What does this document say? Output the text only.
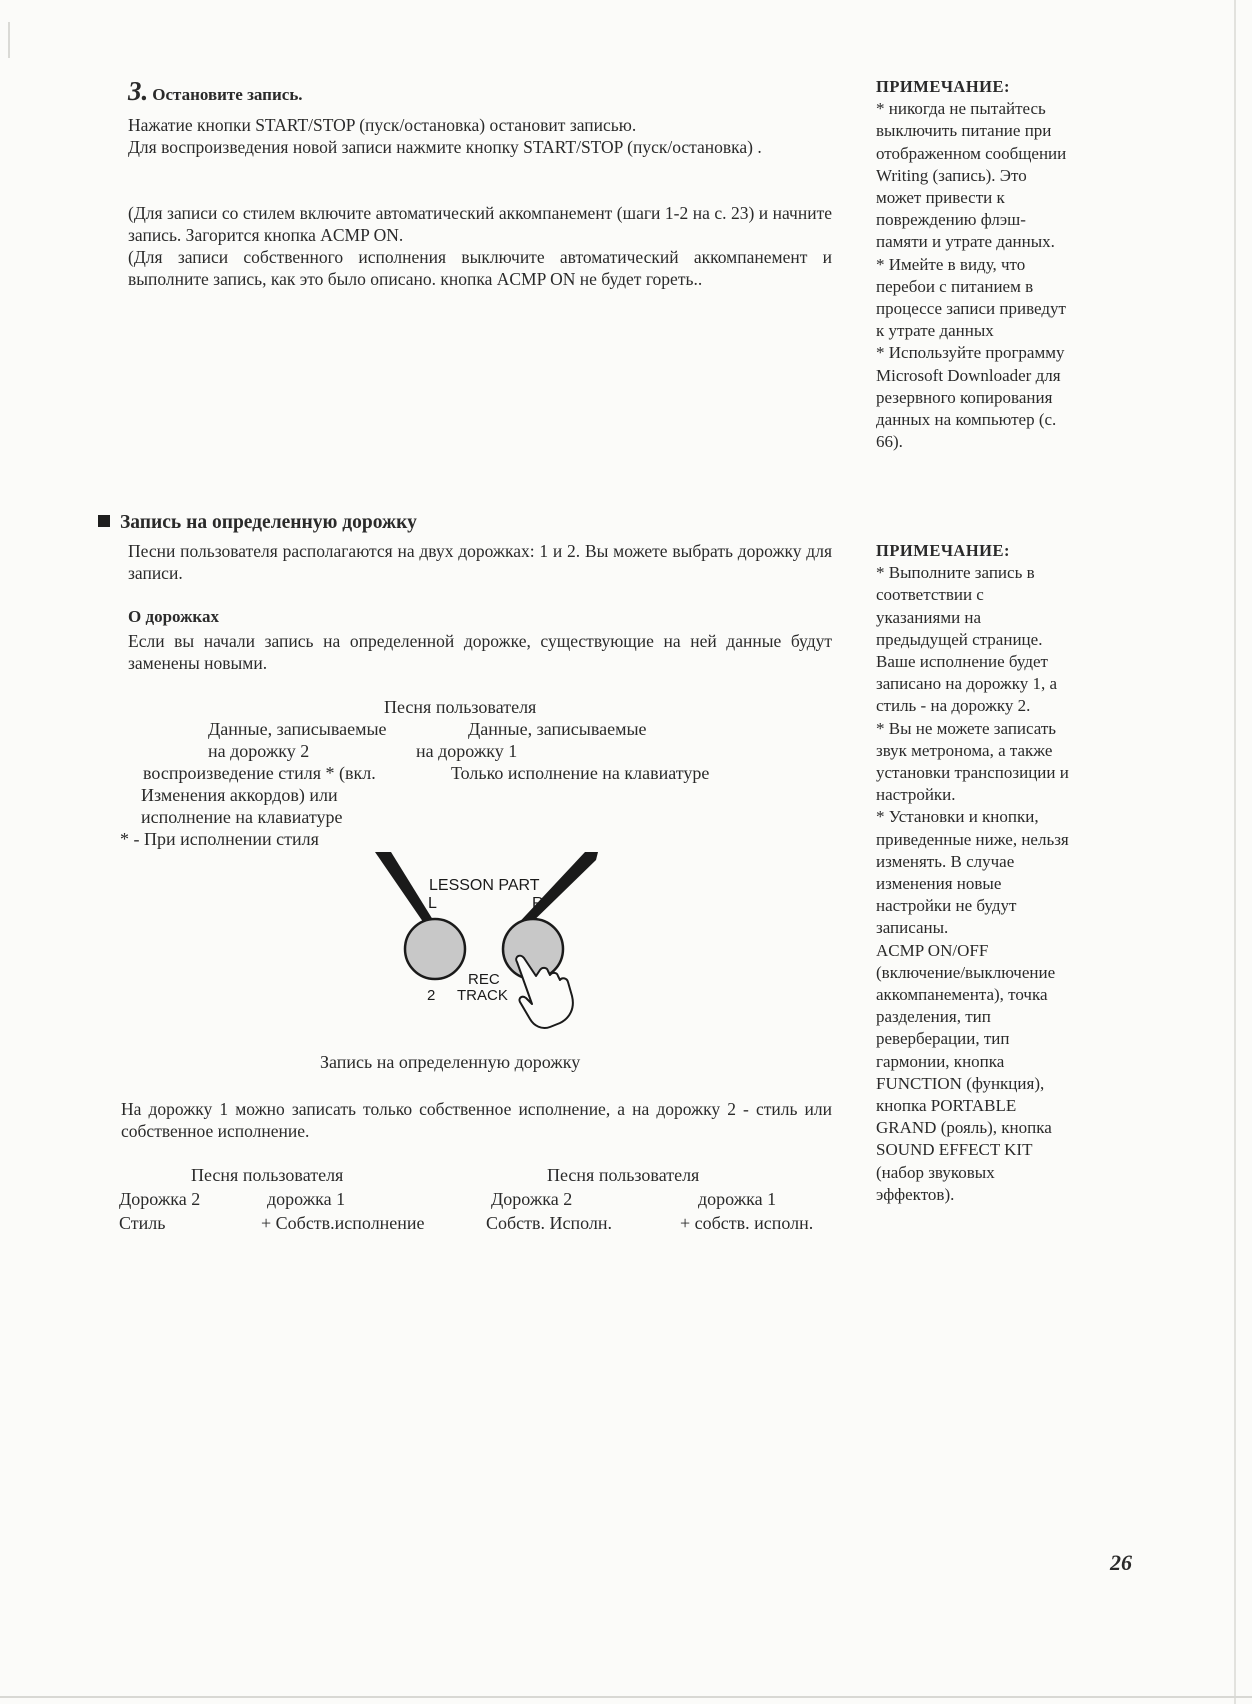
3. Остановите запись.

Нажатие кнопки START/STOP (пуск/остановка) остановит записью.

Для воспроизведения новой записи нажмите кнопку START/STOP (пуск/остановка) .

(Для записи со стилем включите автоматический аккомпанемент (шаги 1-2 на с. 23) и начните запись. Загорится кнопка ACMP ON.

(Для записи собственного исполнения выключите автоматический аккомпанемент и выполните запись, как это было описано. кнопка ACMP ON не будет гореть..

ПРИМЕЧАНИЕ:
* никогда не пытайтесь
выключить питание при
отображенном сообщении
Writing (запись). Это
может привести к
повреждению флэш-
памяти и утрате данных.
* Имейте в виду, что
перебои с питанием в
процессе записи приведут
к утрате данных
* Используйте программу
Microsoft Downloader для
резервного копирования
данных на компьютер (с.
66).
Запись на определенную дорожку

Песни пользователя располагаются на двух дорожках: 1 и 2. Вы можете выбрать дорожку для записи.

О дорожках

Если вы начали запись на определенной дорожке, существующие на ней данные будут заменены новыми.

Песня пользователя
Данные, записываемые	Данные, записываемые
на дорожку 2	на дорожку 1
воспроизведение стиля * (вкл.	Только исполнение на клавиатуре
Изменения аккордов) или
исполнение на клавиатуре
* - При исполнении стиля
LESSON PART
L	R
REC
TRACK
2
Запись на определенную дорожку

На дорожку 1 можно записать только собственное исполнение, а на дорожку 2 - стиль или собственное исполнение.

Песня пользователя	Песня пользователя
Дорожка 2	дорожка 1	Дорожка 2	дорожка 1
Стиль	+ Собств.исполнение	Собств. Исполн.	+ собств. исполн.
ПРИМЕЧАНИЕ:
* Выполните запись в
соответствии с
указаниями на
предыдущей странице.
Ваше исполнение будет
записано на дорожку 1, а
стиль - на дорожку 2.
* Вы не можете записать
звук метронома, а также
установки транспозиции и
настройки.
* Установки и кнопки,
приведенные ниже, нельзя
изменять. В случае
изменения новые
настройки не будут
записаны.
ACMP ON/OFF
(включение/выключение
аккомпанемента), точка
разделения, тип
реверберации, тип
гармонии, кнопка
FUNCTION (функция),
кнопка PORTABLE
GRAND (рояль), кнопка
SOUND EFFECT KIT
(набор звуковых
эффектов).
26
